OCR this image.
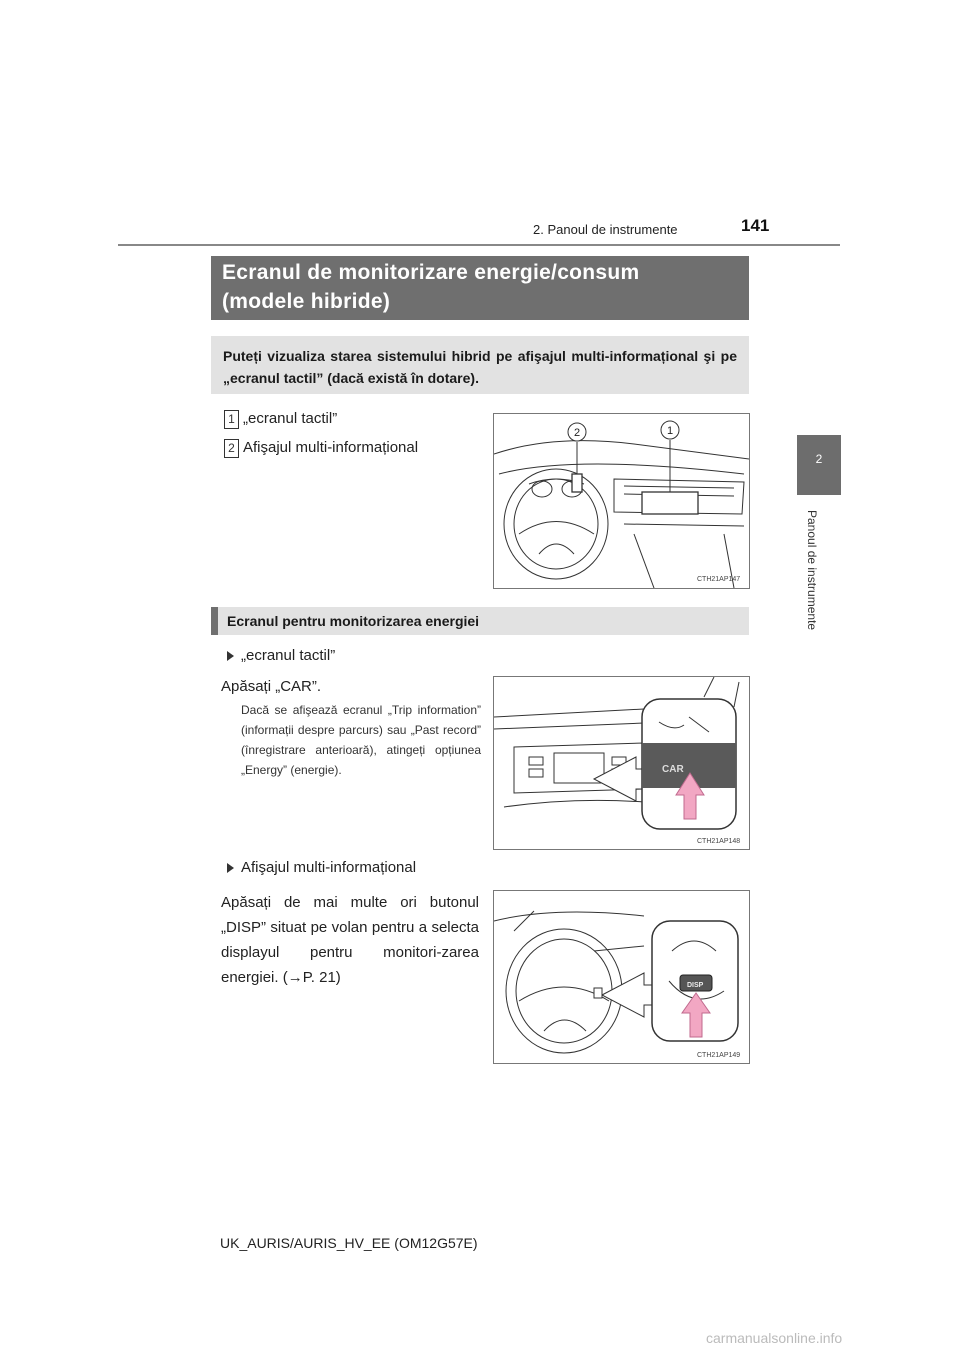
2. Panoul de instrumente	141
2
Panoul de instrumente
Ecranul de monitorizare energie/consum
(modele hibride)
Puteți vizualiza starea sistemului hibrid pe afişajul multi-informațional şi pe „ecranul tactil” (dacă există în dotare).
1 „ecranul tactil”
2 Afişajul multi-informațional
2	1
CTH21AP147
Ecranul pentru monitorizarea energiei
„ecranul tactil”
Apăsați „CAR”.
Dacă se afişează ecranul „Trip information” (informații despre parcurs) sau „Past record” (înregistrare anterioară), atingeți opțiunea „Energy” (energie).	CAR
CTH21AP148
Afişajul multi-informațional
Apăsați de mai multe ori butonul „DISP” situat pe volan pentru a selecta displayul pentru monitori-zarea energiei. (→P. 21)	DISP
CTH21AP149
UK_AURIS/AURIS_HV_EE (OM12G57E)
carmanualsonline.info
